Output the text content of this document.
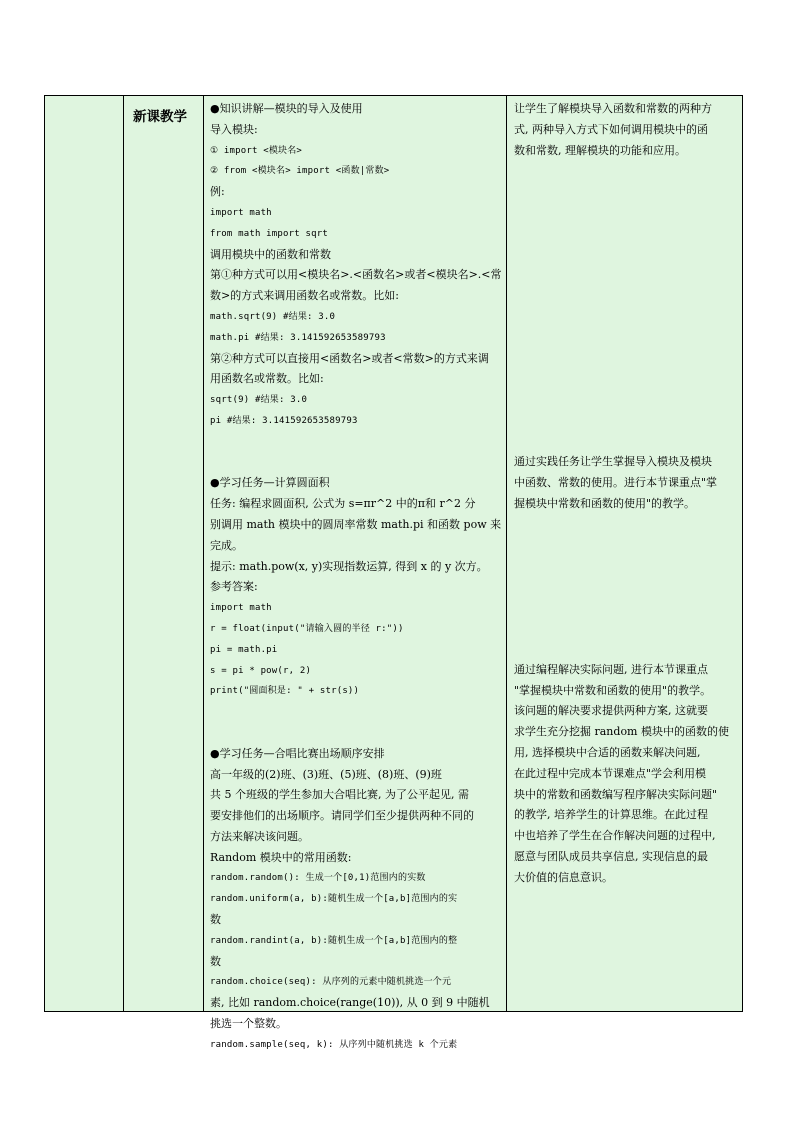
新课教学
●知识讲解—模块的导入及使用
导入模块:
① import <模块名>
② from <模块名> import <函数|常数>
例:
import math
from math import sqrt
调用模块中的函数和常数
第①种方式可以用<模块名>.<函数名>或者<模块名>.<常
数>的方式来调用函数名或常数。比如:
math.sqrt(9) #结果: 3.0
math.pi #结果: 3.141592653589793
第②种方式可以直接用<函数名>或者<常数>的方式来调
用函数名或常数。比如:
sqrt(9) #结果: 3.0
pi #结果: 3.141592653589793

●学习任务—计算圆面积
任务: 编程求圆面积, 公式为 s=πr^2 中的π和 r^2 分
别调用 math 模块中的圆周率常数 math.pi 和函数 pow 来
完成。
提示: math.pow(x, y)实现指数运算, 得到 x 的 y 次方。
参考答案:
import math
r = float(input("请输入圆的半径 r:"))
pi = math.pi
s = pi * pow(r, 2)
print("圆面积是: " + str(s))

●学习任务—合唱比赛出场顺序安排
高一年级的(2)班、(3)班、(5)班、(8)班、(9)班
共 5 个班级的学生参加大合唱比赛, 为了公平起见, 需
要安排他们的出场顺序。请同学们至少提供两种不同的
方法来解决该问题。
Random 模块中的常用函数:
random.random(): 生成一个[0,1)范围内的实数
random.uniform(a, b):随机生成一个[a,b]范围内的实
数
random.randint(a, b):随机生成一个[a,b]范围内的整
数
random.choice(seq): 从序列的元素中随机挑选一个元
素, 比如 random.choice(range(10)), 从 0 到 9 中随机
挑选一个整数。
random.sample(seq, k): 从序列中随机挑选 k 个元素
让学生了解模块导入函数和常数的两种方
式, 两种导入方式下如何调用模块中的函
数和常数, 理解模块的功能和应用。
通过实践任务让学生掌握导入模块及模块
中函数、常数的使用。进行本节课重点"掌
握模块中常数和函数的使用"的教学。
通过编程解决实际问题, 进行本节课重点
"掌握模块中常数和函数的使用"的教学。
该问题的解决要求提供两种方案, 这就要
求学生充分挖掘 random 模块中的函数的使
用, 选择模块中合适的函数来解决问题,
在此过程中完成本节课难点"学会利用模
块中的常数和函数编写程序解决实际问题"
的教学, 培养学生的计算思维。在此过程
中也培养了学生在合作解决问题的过程中,
愿意与团队成员共享信息, 实现信息的最
大价值的信息意识。
